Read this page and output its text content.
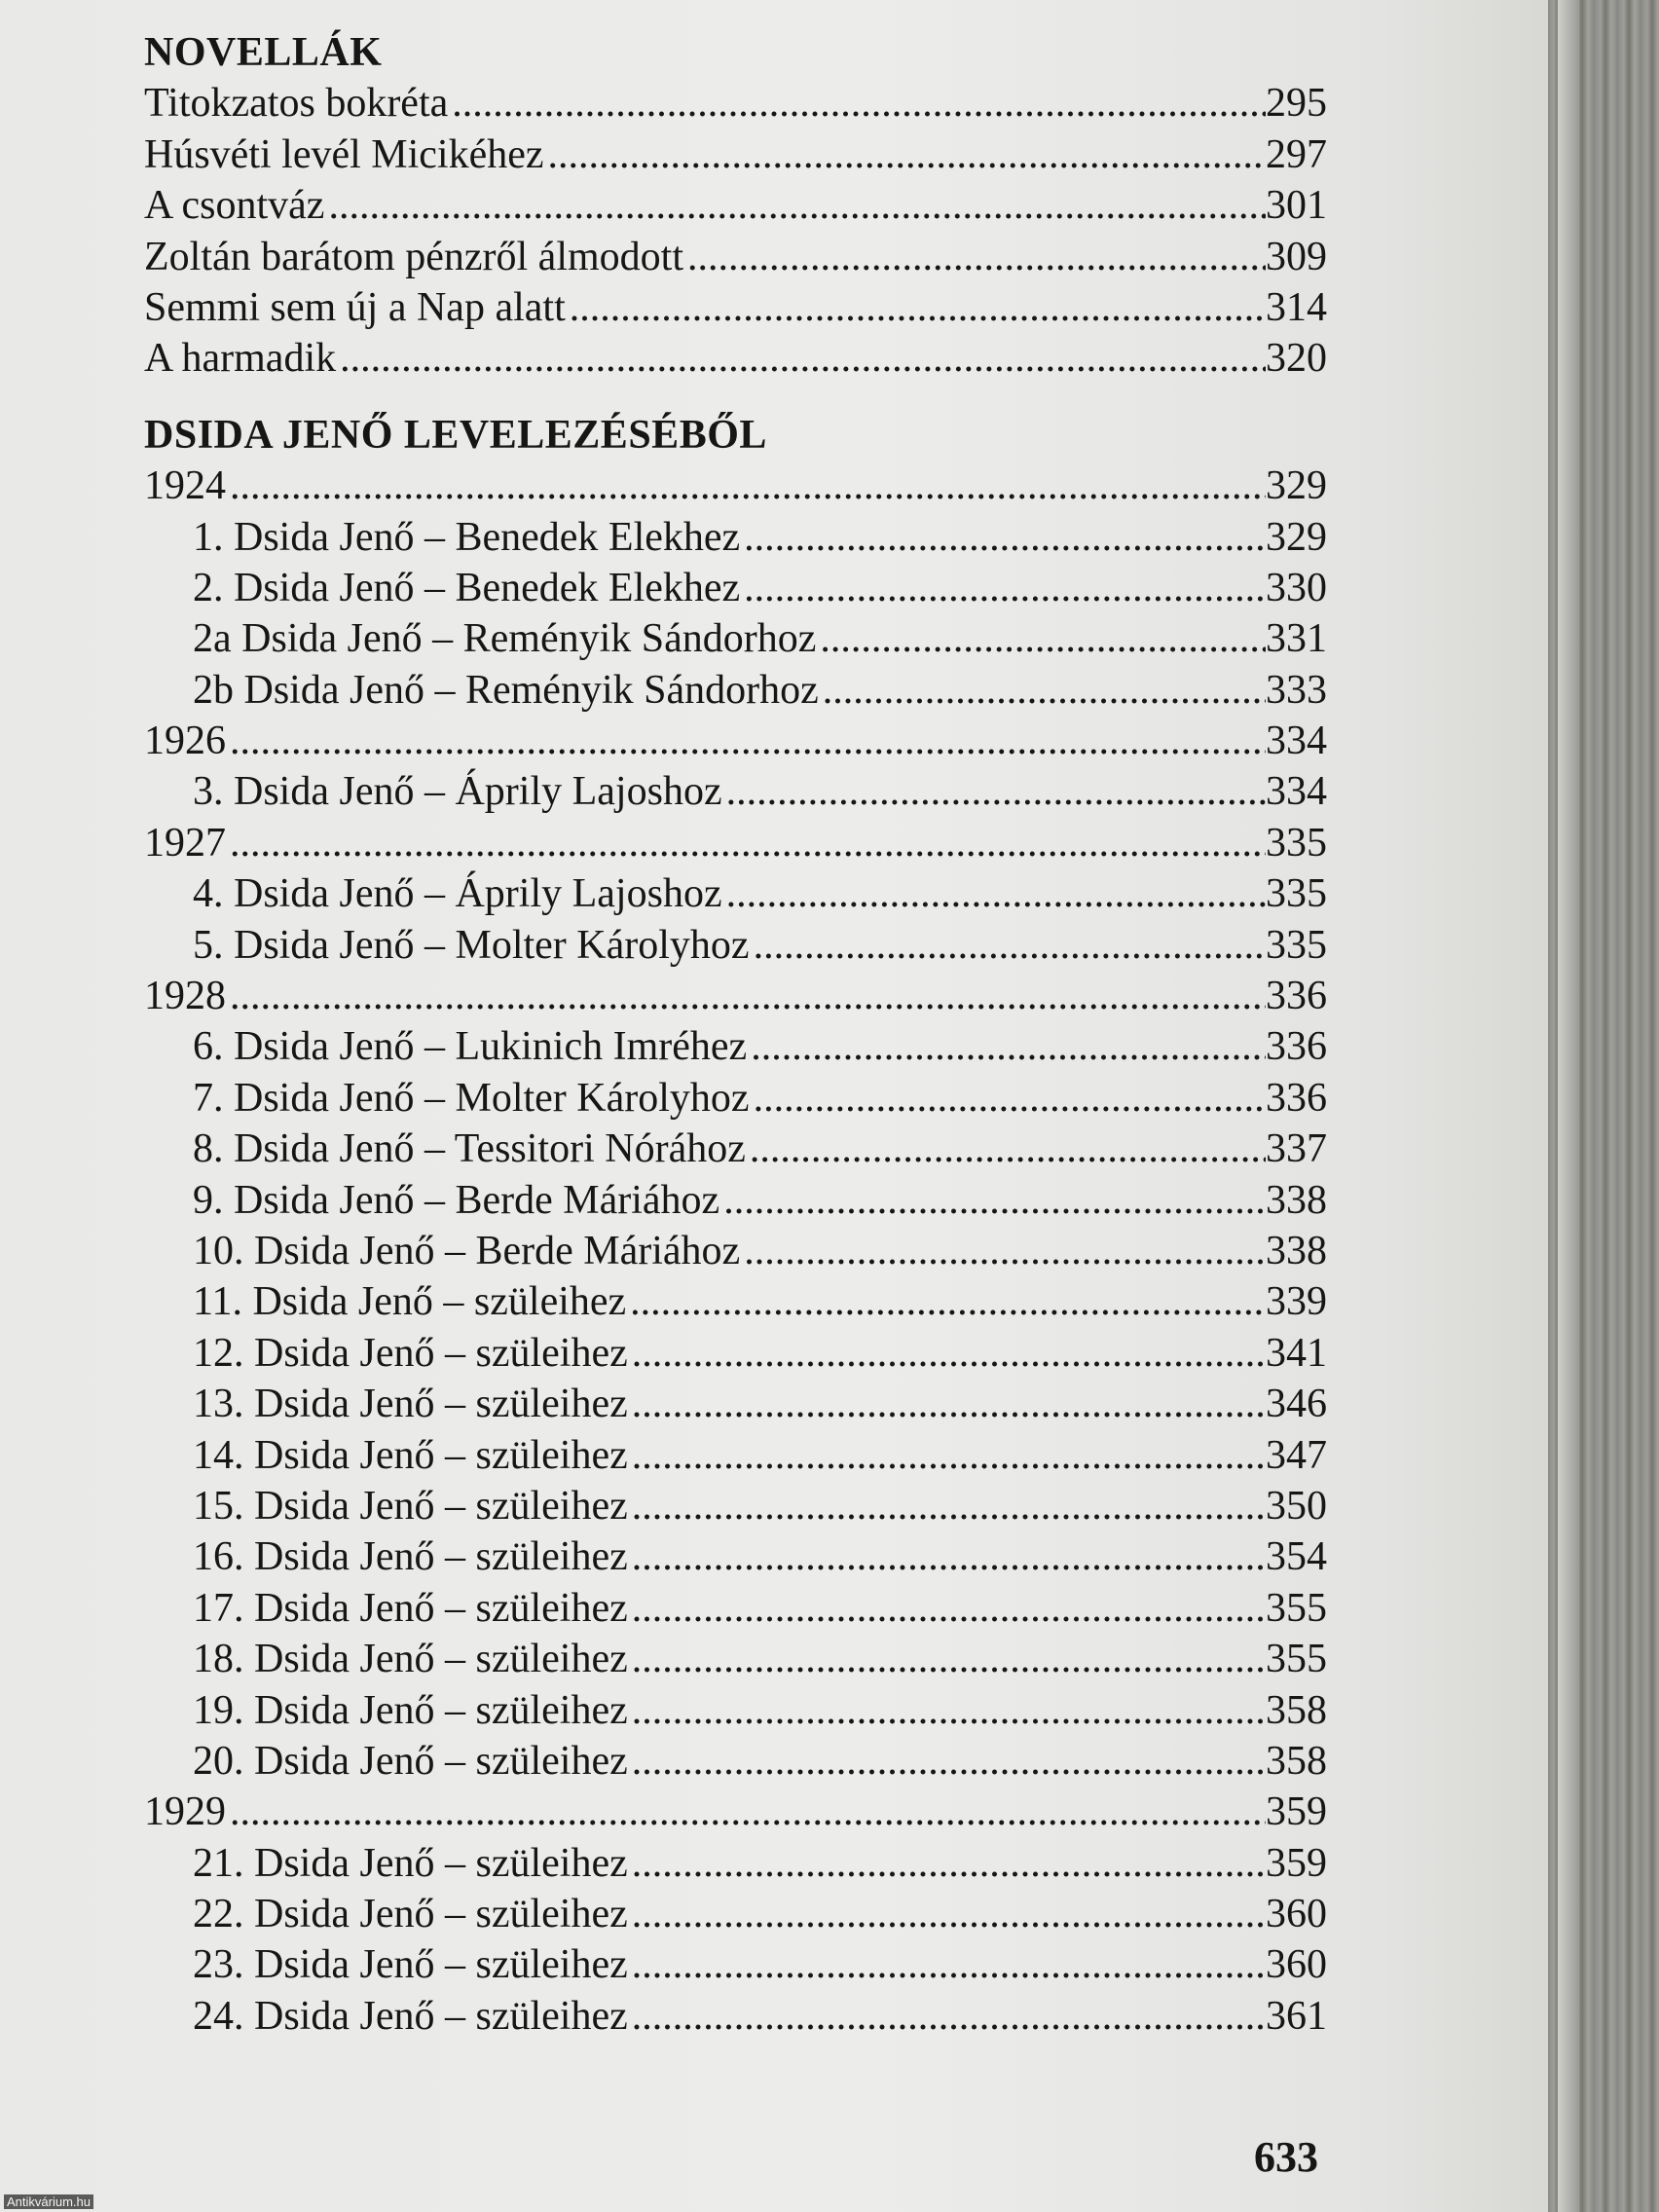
NOVELLÁK
Titokzatos bokréta .....	295
Húsvéti levél Micikéhez .....	297
A csontváz .....	301
Zoltán barátom pénzről álmodott .....	309
Semmi sem új a Nap alatt .....	314
A harmadik .....	320
DSIDA JENŐ LEVELEZÉSÉBŐL
1924 .....	329
1. Dsida Jenő – Benedek Elekhez .....	329
2. Dsida Jenő – Benedek Elekhez .....	330
2a Dsida Jenő – Reményik Sándorhoz .....	331
2b Dsida Jenő – Reményik Sándorhoz .....	333
1926 .....	334
3. Dsida Jenő – Áprily Lajoshoz .....	334
1927 .....	335
4. Dsida Jenő – Áprily Lajoshoz .....	335
5. Dsida Jenő – Molter Károlyhoz .....	335
1928 .....	336
6. Dsida Jenő – Lukinich Imréhez .....	336
7. Dsida Jenő – Molter Károlyhoz .....	336
8. Dsida Jenő – Tessitori Nórához .....	337
9. Dsida Jenő – Berde Máriához .....	338
10. Dsida Jenő – Berde Máriához .....	338
11. Dsida Jenő – szüleihez .....	339
12. Dsida Jenő – szüleihez .....	341
13. Dsida Jenő – szüleihez .....	346
14. Dsida Jenő – szüleihez .....	347
15. Dsida Jenő – szüleihez .....	350
16. Dsida Jenő – szüleihez .....	354
17. Dsida Jenő – szüleihez .....	355
18. Dsida Jenő – szüleihez .....	355
19. Dsida Jenő – szüleihez .....	358
20. Dsida Jenő – szüleihez .....	358
1929 .....	359
21. Dsida Jenő – szüleihez .....	359
22. Dsida Jenő – szüleihez .....	360
23. Dsida Jenő – szüleihez .....	360
24. Dsida Jenő – szüleihez .....	361
633
Antikvárium.hu
